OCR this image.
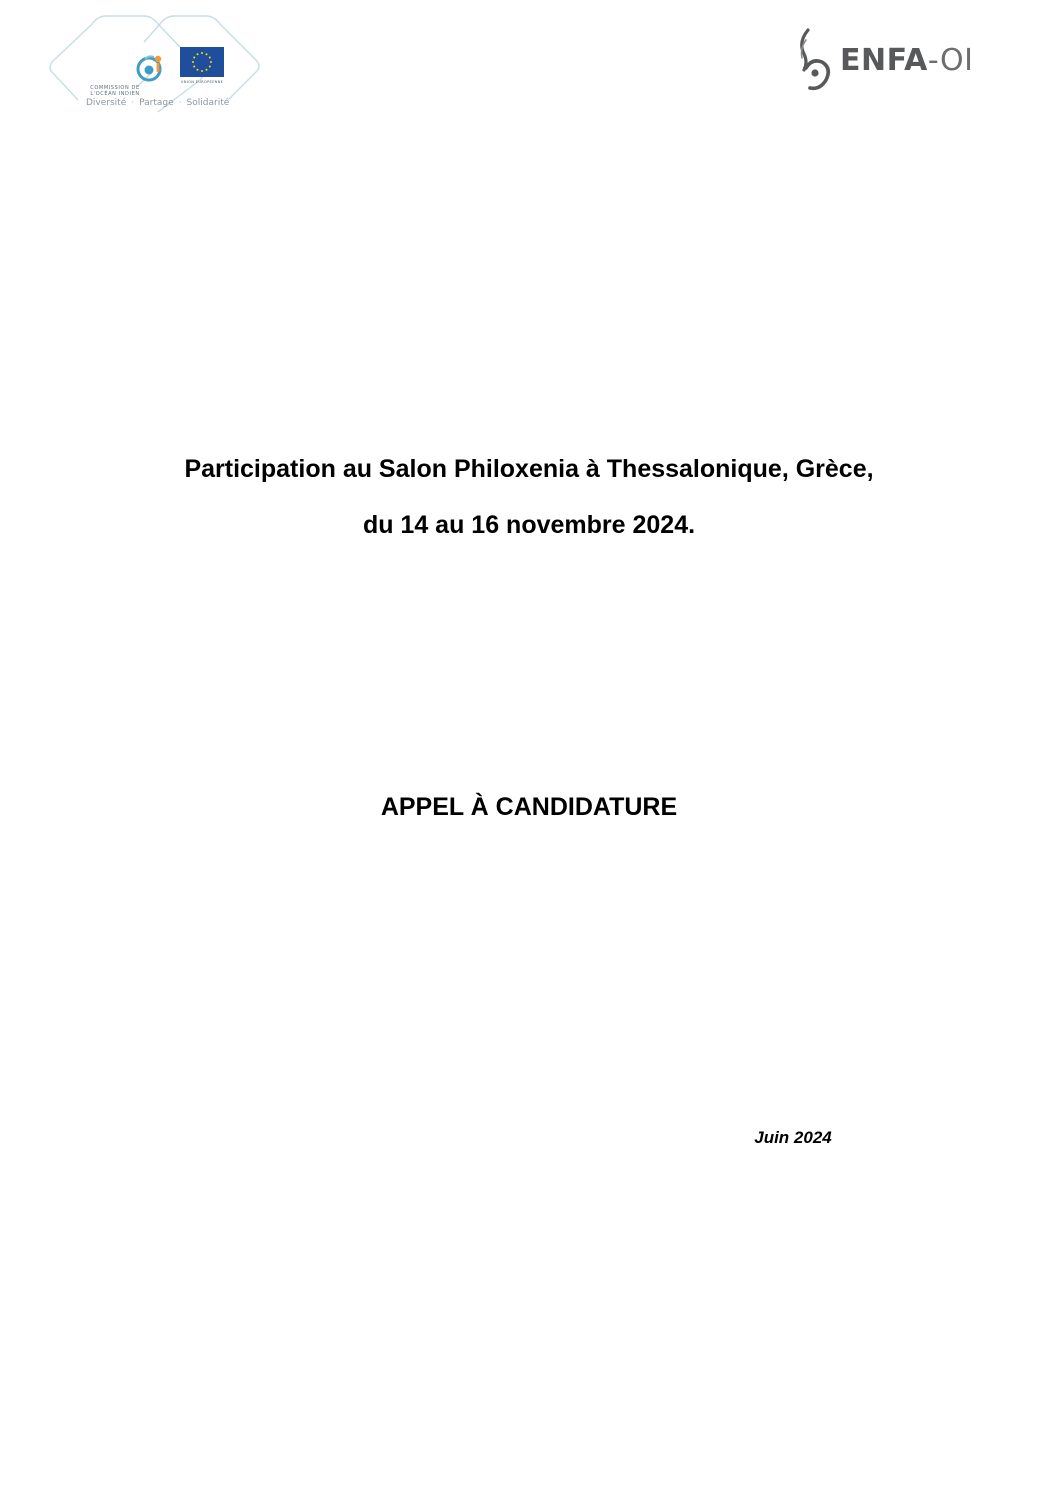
COMMISSION DE
L'OCÉAN INDIEN
UNION EUROPÉENNE
Diversité · Partage · Solidarité
ENFA-OI
Participation au Salon Philoxenia à Thessalonique, Grèce,
du 14 au 16 novembre 2024.
APPEL À CANDIDATURE
Juin 2024
